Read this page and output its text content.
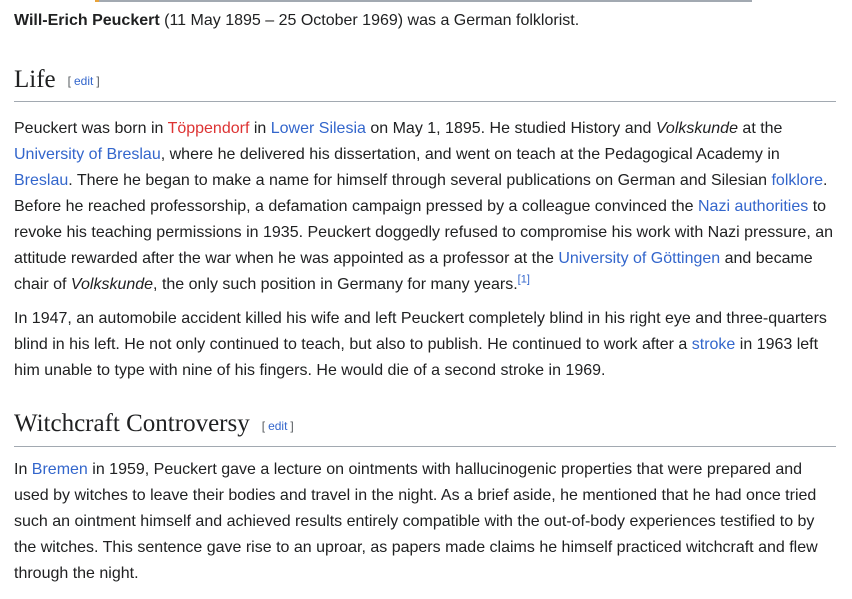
Will-Erich Peuckert (11 May 1895 – 25 October 1969) was a German folklorist.

Life [ edit ]

Peuckert was born in Töppendorf in Lower Silesia on May 1, 1895. He studied History and Volkskunde at the University of Breslau, where he delivered his dissertation, and went on teach at the Pedagogical Academy in Breslau. There he began to make a name for himself through several publications on German and Silesian folklore. Before he reached professorship, a defamation campaign pressed by a colleague convinced the Nazi authorities to revoke his teaching permissions in 1935. Peuckert doggedly refused to compromise his work with Nazi pressure, an attitude rewarded after the war when he was appointed as a professor at the University of Göttingen and became chair of Volkskunde, the only such position in Germany for many years.[1]

In 1947, an automobile accident killed his wife and left Peuckert completely blind in his right eye and three-quarters blind in his left. He not only continued to teach, but also to publish. He continued to work after a stroke in 1963 left him unable to type with nine of his fingers. He would die of a second stroke in 1969.

Witchcraft Controversy [ edit ]

In Bremen in 1959, Peuckert gave a lecture on ointments with hallucinogenic properties that were prepared and used by witches to leave their bodies and travel in the night. As a brief aside, he mentioned that he had once tried such an ointment himself and achieved results entirely compatible with the out-of-body experiences testified to by the witches. This sentence gave rise to an uproar, as papers made claims he himself practiced witchcraft and flew through the night.
